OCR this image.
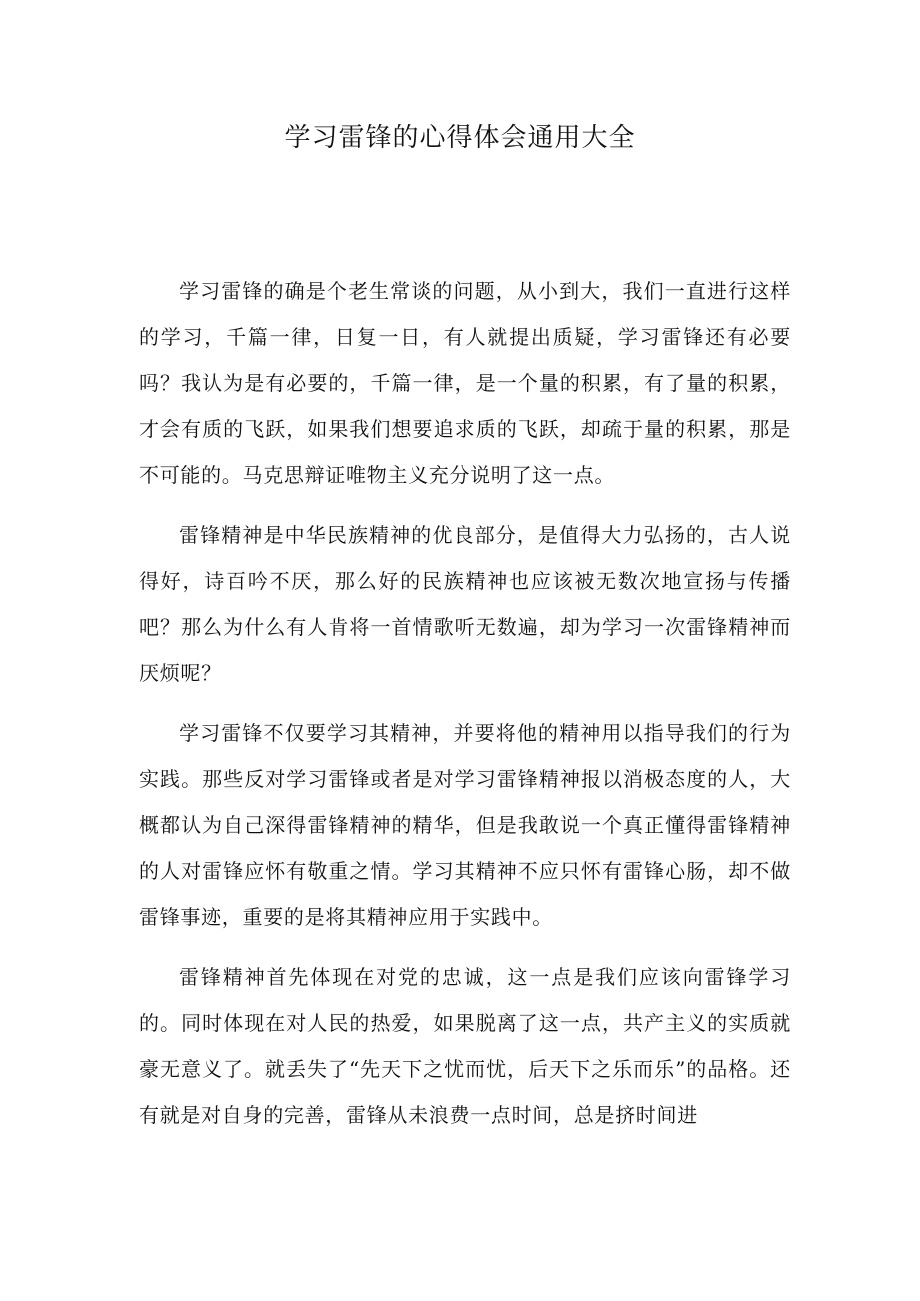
学习雷锋的心得体会通用大全

学习雷锋的确是个老生常谈的问题，从小到大，我们一直进行这样的学习，千篇一律，日复一日，有人就提出质疑，学习雷锋还有必要吗？我认为是有必要的，千篇一律，是一个量的积累，有了量的积累，才会有质的飞跃，如果我们想要追求质的飞跃，却疏于量的积累，那是不可能的。马克思辩证唯物主义充分说明了这一点。

雷锋精神是中华民族精神的优良部分，是值得大力弘扬的，古人说得好，诗百吟不厌，那么好的民族精神也应该被无数次地宣扬与传播吧？那么为什么有人肯将一首情歌听无数遍，却为学习一次雷锋精神而厌烦呢？

学习雷锋不仅要学习其精神，并要将他的精神用以指导我们的行为实践。那些反对学习雷锋或者是对学习雷锋精神报以消极态度的人，大概都认为自己深得雷锋精神的精华，但是我敢说一个真正懂得雷锋精神的人对雷锋应怀有敬重之情。学习其精神不应只怀有雷锋心肠，却不做雷锋事迹，重要的是将其精神应用于实践中。

雷锋精神首先体现在对党的忠诚，这一点是我们应该向雷锋学习的。同时体现在对人民的热爱，如果脱离了这一点，共产主义的实质就豪无意义了。就丢失了“先天下之忧而忧，后天下之乐而乐”的品格。还有就是对自身的完善，雷锋从未浪费一点时间，总是挤时间进
